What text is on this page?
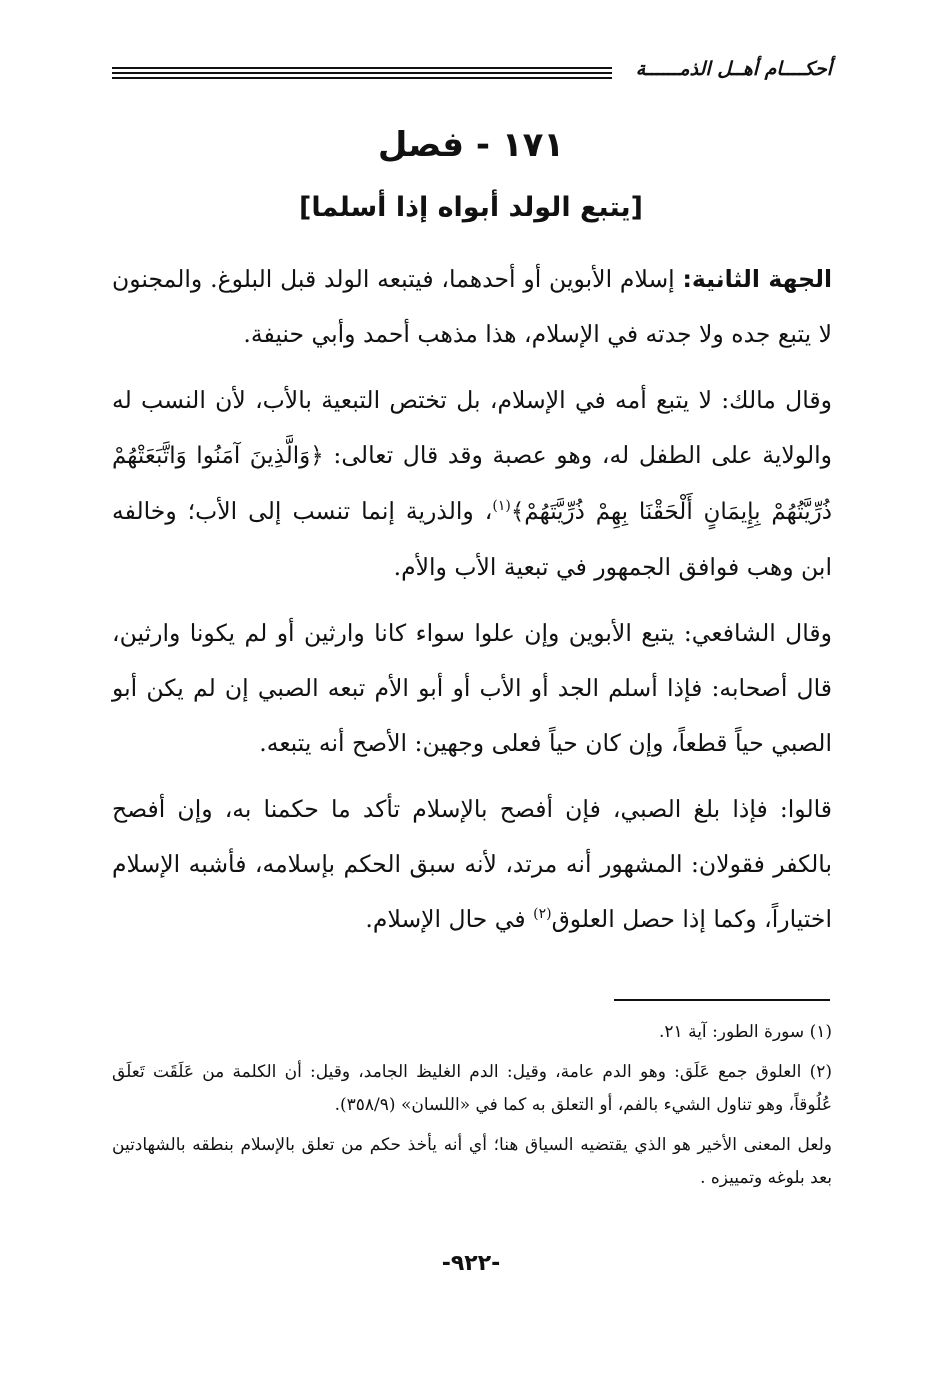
أحكــــام أهــل الذمــــــة
١٧١ - فصل
[يتبع الولد أبواه إذا أسلما]

الجهة الثانية: إسلام الأبوين أو أحدهما، فيتبعه الولد قبل البلوغ. والمجنون لا يتبع جده ولا جدته في الإسلام، هذا مذهب أحمد وأبي حنيفة.

وقال مالك: لا يتبع أمه في الإسلام، بل تختص التبعية بالأب، لأن النسب له والولاية على الطفل له، وهو عصبة وقد قال تعالى: ﴿وَالَّذِينَ آمَنُوا وَاتَّبَعَتْهُمْ ذُرِّيَّتُهُمْ بِإِيمَانٍ أَلْحَقْنَا بِهِمْ ذُرِّيَّتَهُمْ﴾$^{(١)}$، والذرية إنما تنسب إلى الأب؛ وخالفه ابن وهب فوافق الجمهور في تبعية الأب والأم.

وقال الشافعي: يتبع الأبوين وإن علوا سواء كانا وارثين أو لم يكونا وارثين، قال أصحابه: فإذا أسلم الجد أو الأب أو أبو الأم تبعه الصبي إن لم يكن أبو الصبي حياً قطعاً، وإن كان حياً فعلى وجهين: الأصح أنه يتبعه.

قالوا: فإذا بلغ الصبي، فإن أفصح بالإسلام تأكد ما حكمنا به، وإن أفصح بالكفر فقولان: المشهور أنه مرتد، لأنه سبق الحكم بإسلامه، فأشبه الإسلام اختياراً، وكما إذا حصل العلوق$^{(٢)}$ في حال الإسلام.

(١) سورة الطور: آية ٢١.

(٢) العلوق جمع عَلَق: وهو الدم عامة، وقيل: الدم الغليظ الجامد، وقيل: أن الكلمة من عَلَقَت تَعلَق عُلُوقاً، وهو تناول الشيء بالفم، أو التعلق به كما في «اللسان» (٣٥٨/٩).

ولعل المعنى الأخير هو الذي يقتضيه السياق هنا؛ أي أنه يأخذ حكم من تعلق بالإسلام بنطقه بالشهادتين بعد بلوغه وتمييزه .

-٩٢٢-
